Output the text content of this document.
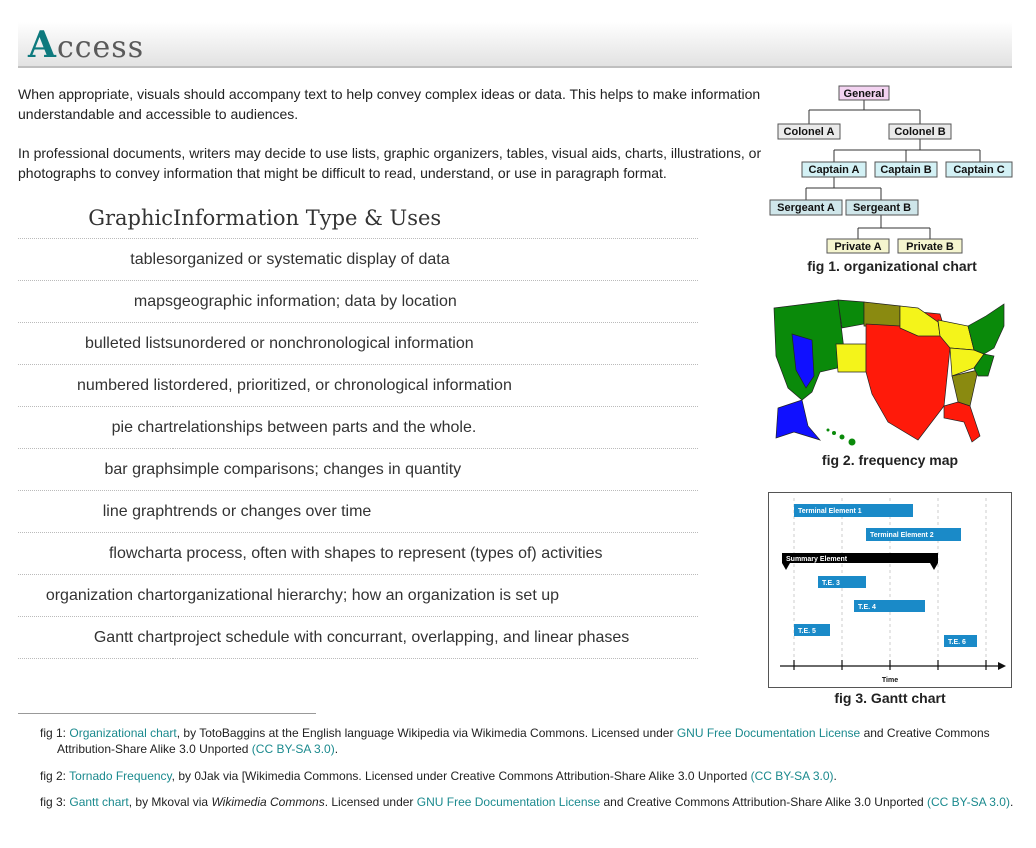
Access

When appropriate, visuals should accompany text to help convey complex ideas or data. This helps to make information understandable and accessible to audiences.

In professional documents, writers may decide to use lists, graphic organizers, tables, visual aids, charts, illustrations, or photographs to convey information that might be difficult to read, understand, or use in paragraph format.

Graphic	Information Type & Uses
tables	organized or systematic display of data
maps	geographic information; data by location
bulleted lists	unordered or nonchronological information
numbered list	ordered, prioritized, or chronological information
pie chart	relationships between parts and the whole.
bar graph	simple comparisons; changes in quantity
line graph	trends or changes over time
flowchart	a process, often with shapes to represent (types of) activities
organization chart	organizational hierarchy; how an organization is set up
Gantt chart	project schedule with concurrant, overlapping, and linear phases
General
Colonel A	Colonel B
Captain A Captain B Captain C
Sergeant A Sergeant B
Private A Private B
fig 1. organizational chart
fig 2. frequency map
Terminal Element 1
Terminal Element 2
Summary Element
T.E. 3
T.E. 4
T.E. 5
T.E. 6
Time
fig 3. Gantt chart
fig 1: Organizational chart, by TotoBaggins at the English language Wikipedia via Wikimedia Commons. Licensed under GNU Free Documentation License and Creative Commons Attribution-Share Alike 3.0 Unported (CC BY-SA 3.0).
fig 2: Tornado Frequency, by 0Jak via [Wikimedia Commons. Licensed under Creative Commons Attribution-Share Alike 3.0 Unported (CC BY-SA 3.0).
fig 3: Gantt chart, by Mkoval via Wikimedia Commons. Licensed under GNU Free Documentation License and Creative Commons Attribution-Share Alike 3.0 Unported (CC BY-SA 3.0).
